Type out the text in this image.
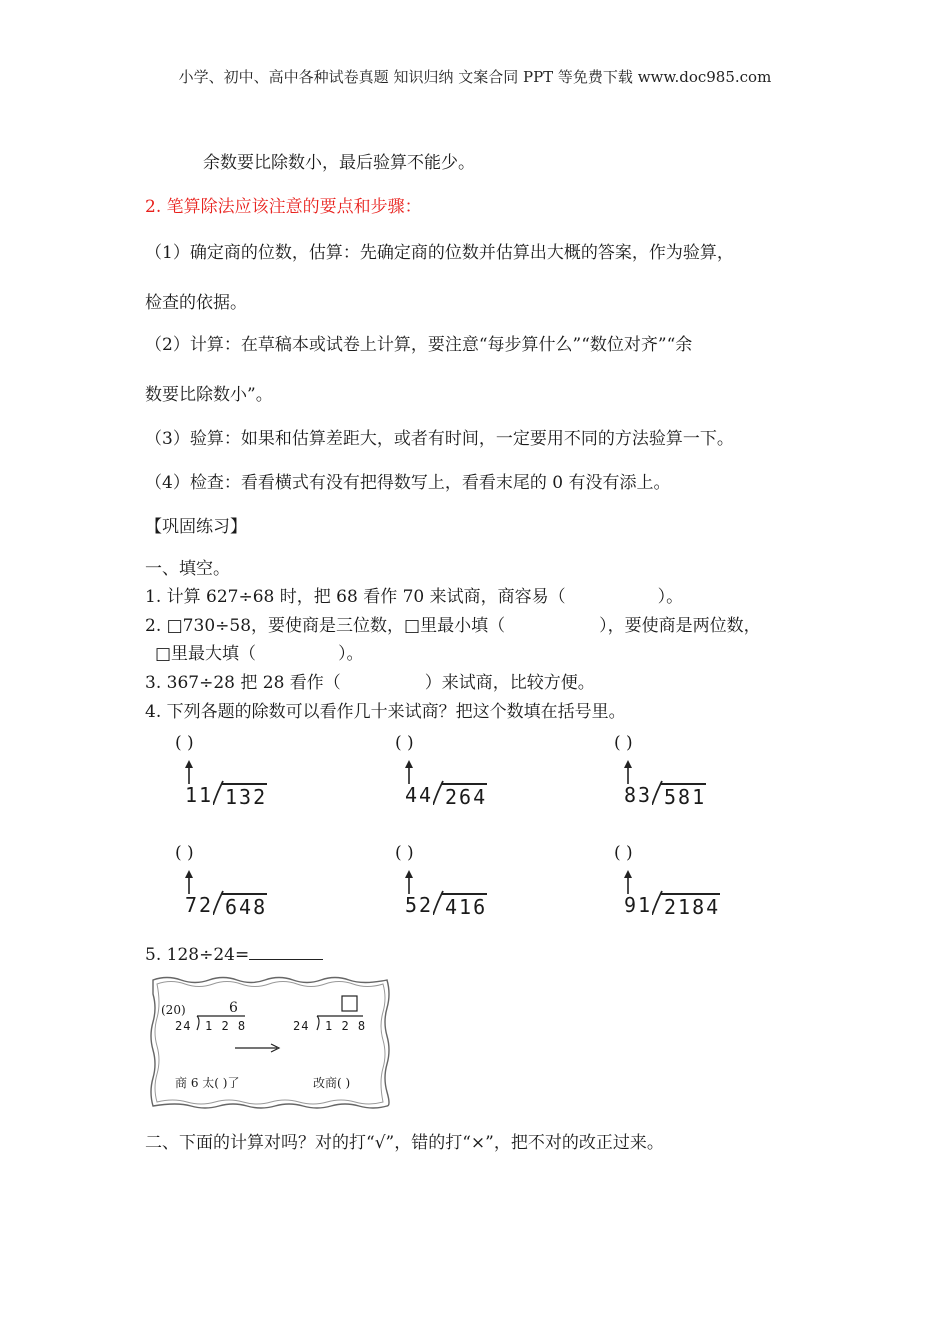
小学、初中、高中各种试卷真题 知识归纳 文案合同 PPT 等免费下载 www.doc985.com
余数要比除数小，最后验算不能少。
2. 笔算除法应该注意的要点和步骤：
（1）确定商的位数，估算：先确定商的位数并估算出大概的答案，作为验算，
检查的依据。
（2）计算：在草稿本或试卷上计算，要注意“每步算什么”“数位对齐”“余
数要比除数小”。
（3）验算：如果和估算差距大，或者有时间，一定要用不同的方法验算一下。
（4）检查：看看横式有没有把得数写上，看看末尾的 0 有没有添上。
【巩固练习】
一、填空。
1. 计算 627÷68 时，把 68 看作 70 来试商，商容易（	）。
2. □730÷58，要使商是三位数，□里最小填（	），要使商是两位数，
□里最大填（	）。
3. 367÷28 把 28 看作（	）来试商，比较方便。
4. 下列各题的除数可以看作几十来试商？把这个数填在括号里。
( )
11 132
( )
44 264
( )
83 581
( )
72 648
( )
52 416
( )
91 2184
5. 128÷24=
(20)	6
24 1 2 8	24 1 2 8
商 6 太( )了	改商( )
二、下面的计算对吗？对的打“√”，错的打“×”，把不对的改正过来。
